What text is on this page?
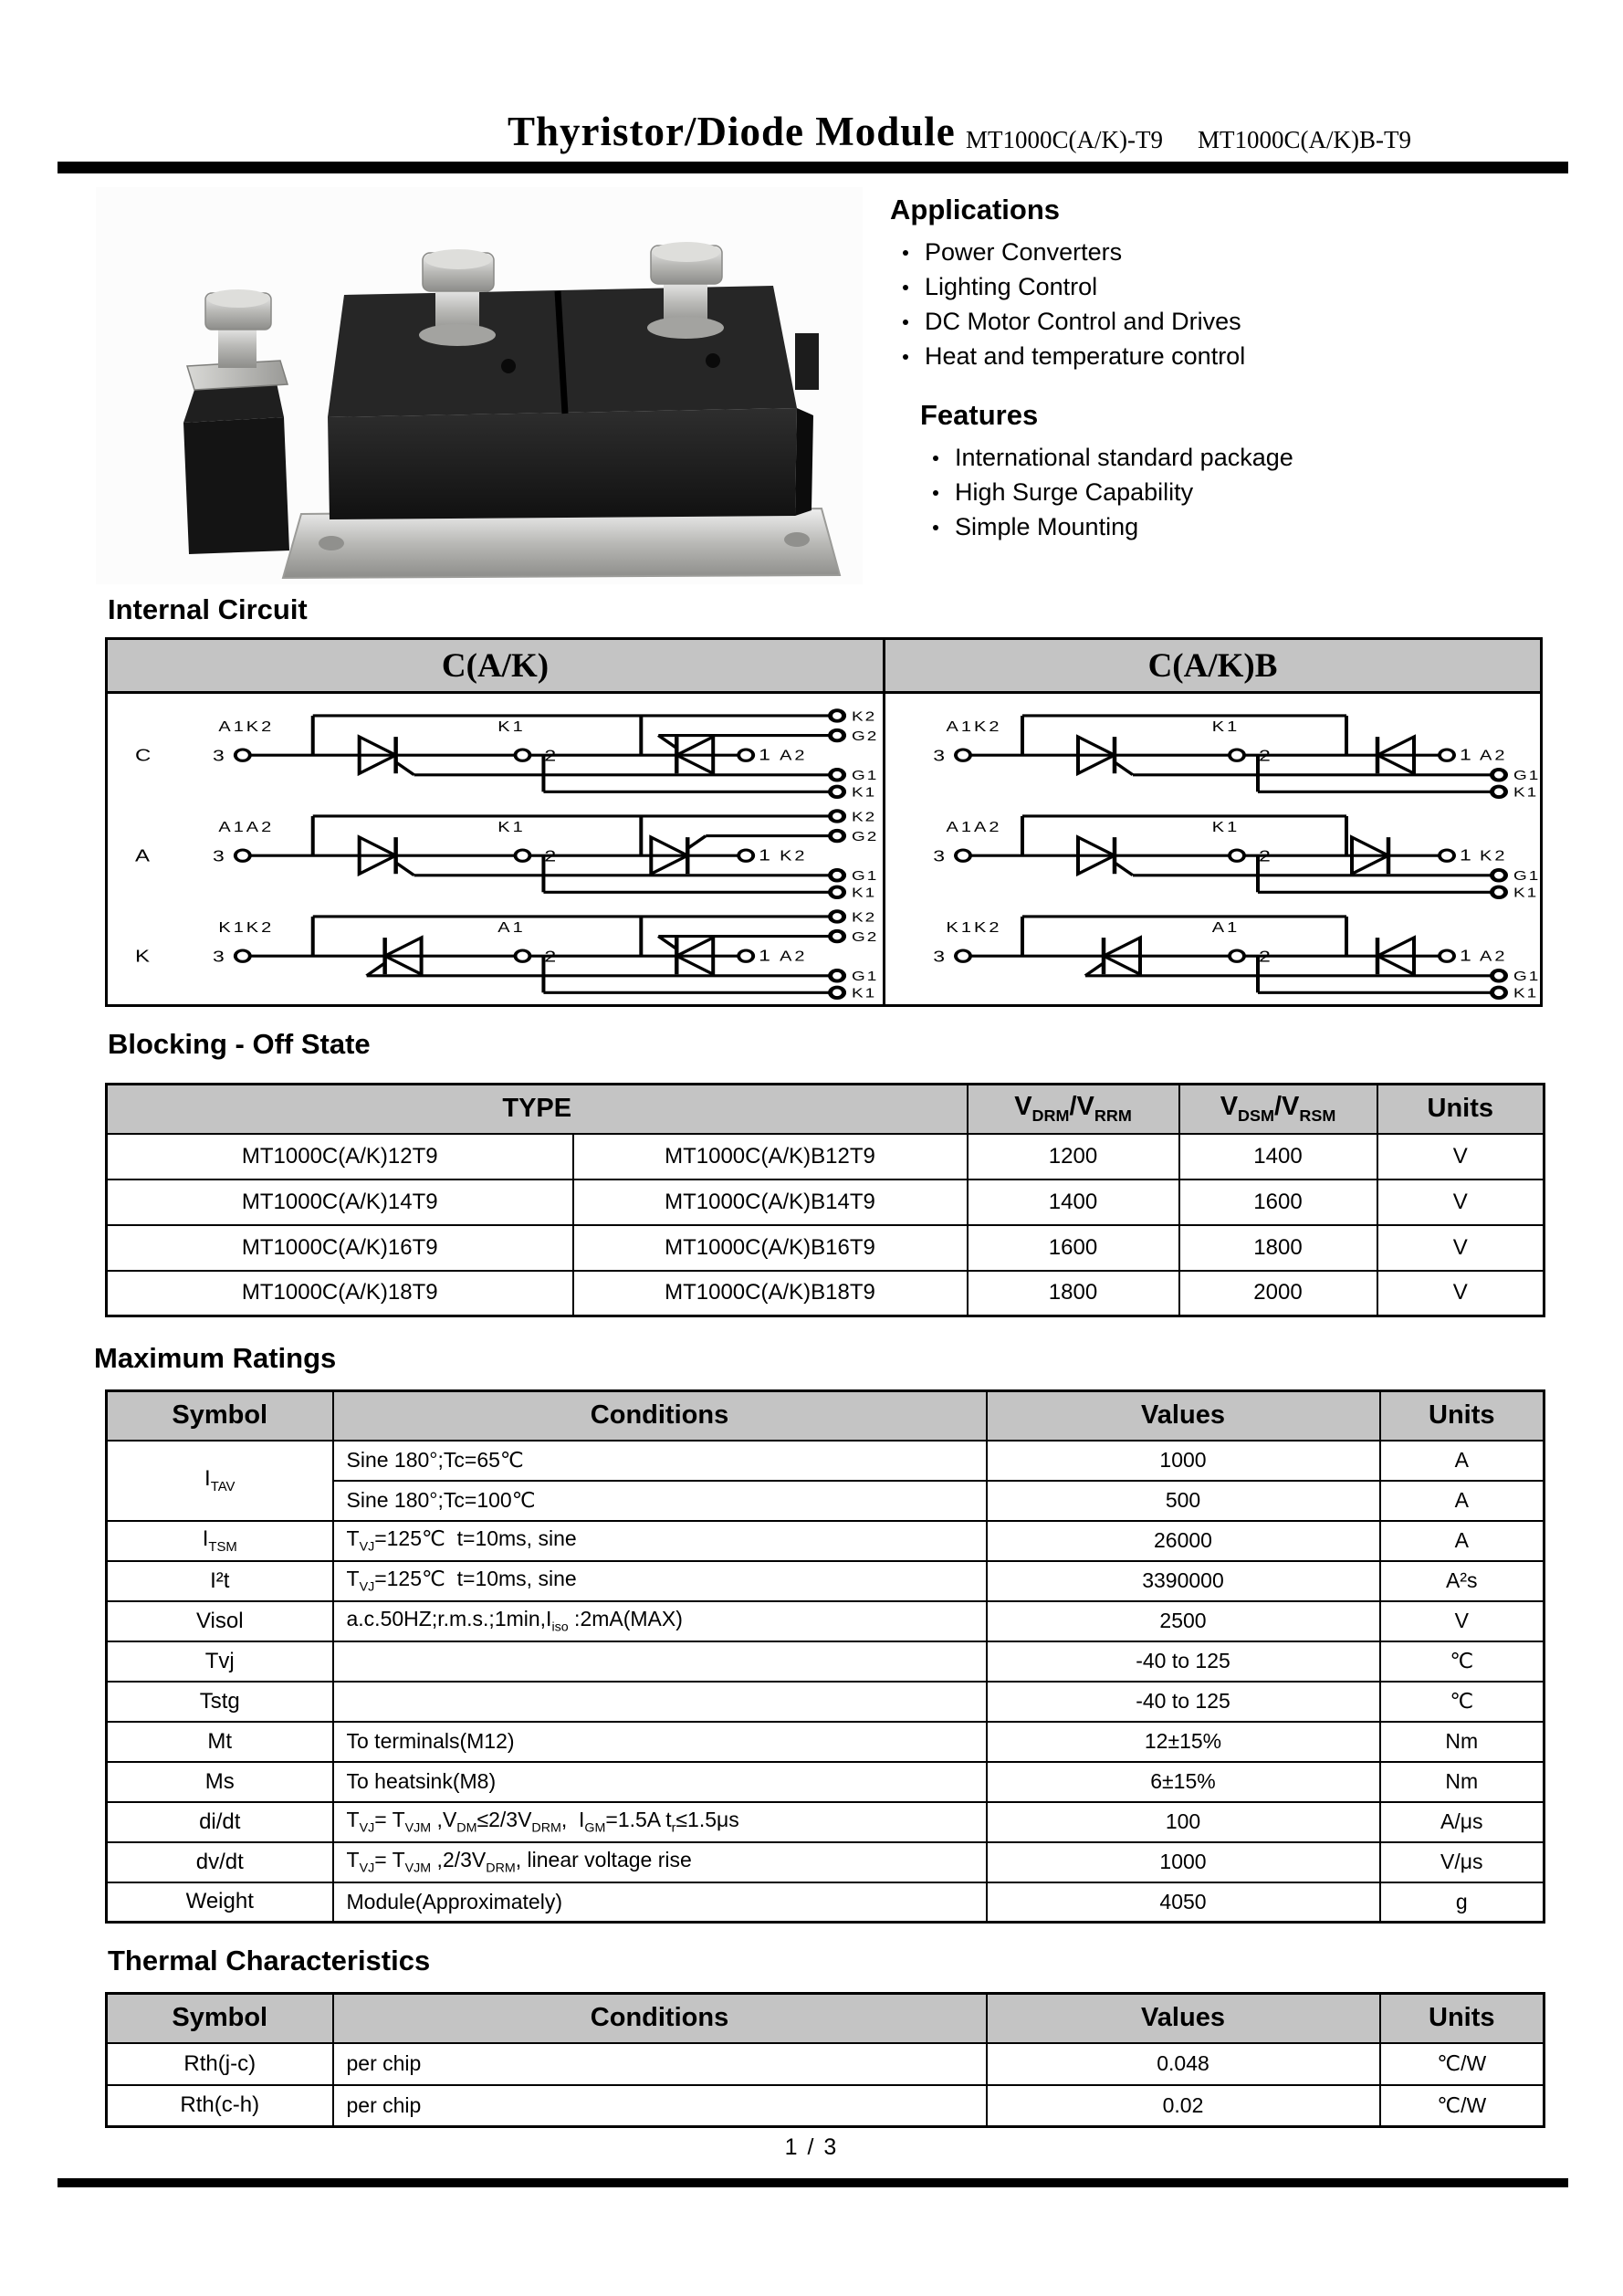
Thyristor/Diode Module MT1000C(A/K)-T9 MT1000C(A/K)B-T9
Applications
Power Converters
Lighting Control
DC Motor Control and Drives
Heat and temperature control
Features
International standard package
High Surge Capability
Simple Mounting
Internal Circuit
C(A/K)	C(A/K)B
G1
K1
K2
G2
C	3
A1K2
2
K1
1 A2
G1
K1
K2
G2
A	3
A1A2
2
K1
1 K2
G1
K1
K2
G2
K	3
K1K2
2
A1
1 A2
G1
K1
3
A1K2
2
K1
1 A2
G1
K1
3
A1A2
2
K1
1 K2
G1
K1
3
K1K2
2
A1
1 A2
Blocking - Off State
TYPE		$V_{DRM}/V_{RRM}$	$V_{DSM}/V_{RSM}$	Units
MT1000C(A/K)12T9	MT1000C(A/K)B12T9	1200	1400	V
MT1000C(A/K)14T9	MT1000C(A/K)B14T9	1400	1600	V
MT1000C(A/K)16T9	MT1000C(A/K)B16T9	1600	1800	V
MT1000C(A/K)18T9	MT1000C(A/K)B18T9	1800	2000	V
Maximum Ratings
Symbol	Conditions	Values	Units
$I_{TAV}$	Sine 180°;Tc=65℃	1000	A
	Sine 180°;Tc=100℃	500	A
$I_{TSM}$	$T_{VJ}=125℃$  t=10ms, sine	26000	A
I²t	$T_{VJ}=125℃$  t=10ms, sine	3390000	A²s
Visol	$a.c.50HZ;r.m.s.;1\min,I_{iso}$ :2mA(MAX)	2500	V
Tvj		-40 to 125	℃
Tstg		-40 to 125	℃
Mt	To terminals(M12)	12±15%	Nm
Ms	To heatsink(M8)	6±15%	Nm
di/dt	$T_{VJ}= T_{VJM}$ $,V_{DM}\le 2/3V_{DRM}$,  $I_{GM}=1.5A$ $t_r\le 1.5\mu s$	100	A/μs
dv/dt	$T_{VJ}= T_{VJM}$ $,2/3V_{DRM}$, linear voltage rise	1000	V/μs
Weight	Module(Approximately)	4050	g
Thermal Characteristics
Symbol	Conditions	Values	Units
Rth(j-c)	per chip	0.048	℃/W
Rth(c-h)	per chip	0.02	℃/W
1 / 3
